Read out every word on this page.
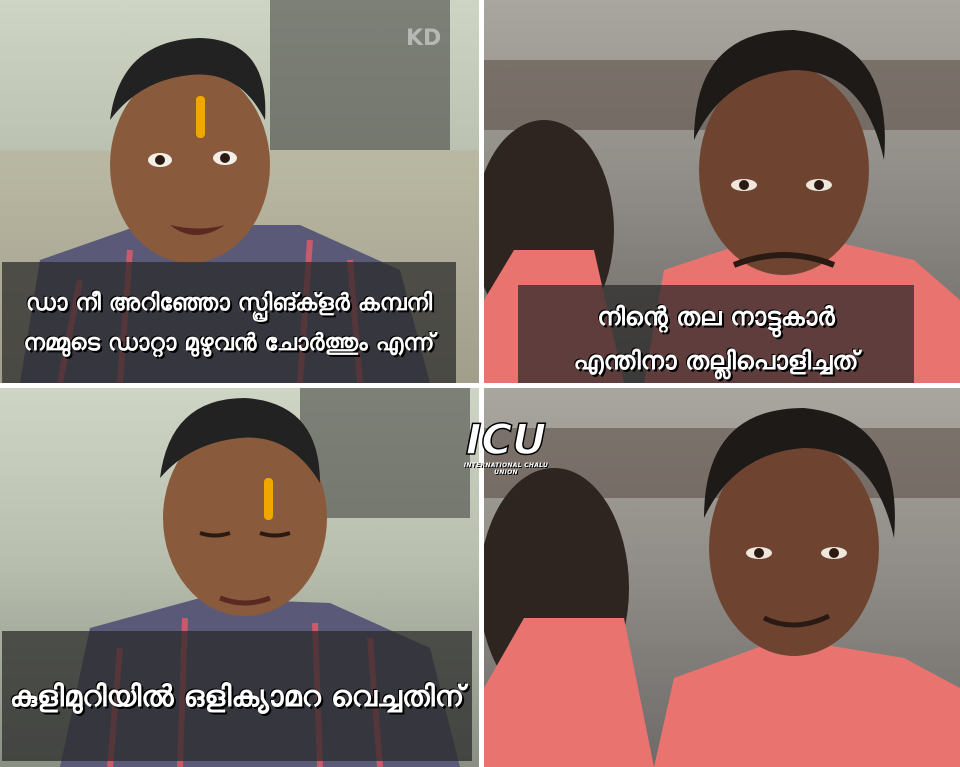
KD
ഡാ നീ അറിഞ്ഞോ സ്പ്രിങ്ക്ളർ കമ്പനി
നമ്മുടെ ഡാറ്റാ മുഴുവൻ ചോർത്തും എന്ന്
നിന്റെ തല നാട്ടുകാർ
എന്തിനാ തല്ലിപൊളിച്ചത്
കുളിമുറിയിൽ ഒളിക്യാമറ വെച്ചതിന്
ICU
INTERNATIONAL CHALU UNION
